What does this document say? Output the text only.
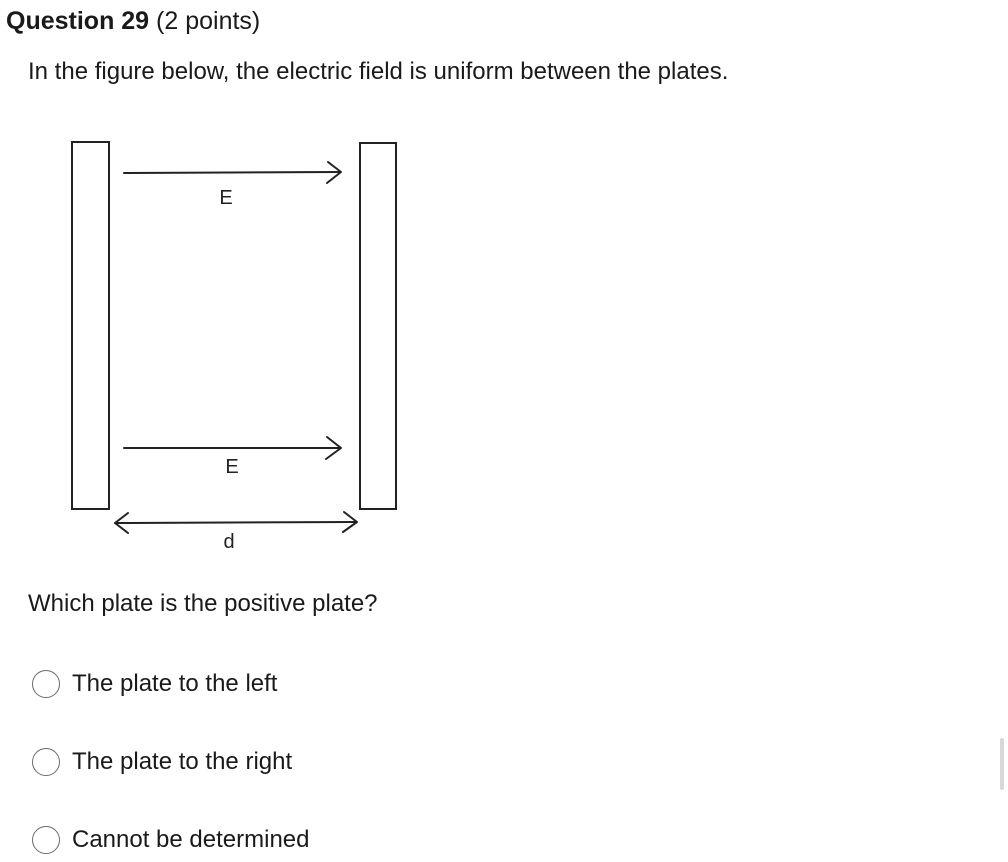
Question 29 (2 points)
In the figure below, the electric field is uniform between the plates.
E
E
d
Which plate is the positive plate?
The plate to the left
The plate to the right
Cannot be determined
